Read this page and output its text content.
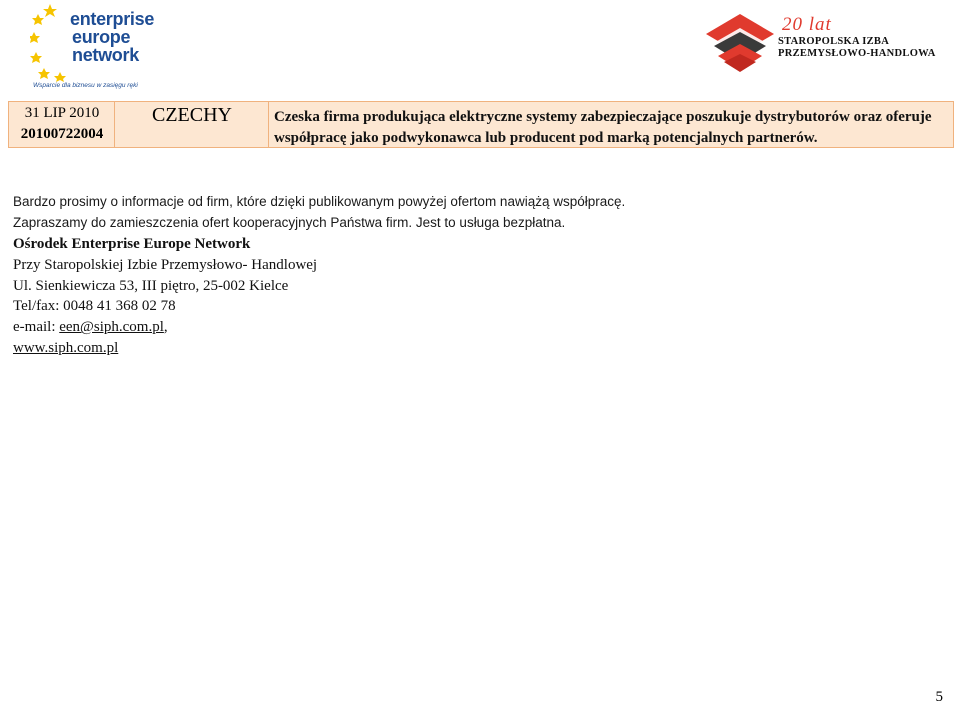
enterprise
europe
network
Wsparcie dla biznesu w zasięgu ręki
20 lat
STAROPOLSKA IZBA
PRZEMYSŁOWO-HANDLOWA
31 LIP 2010
20100722004
CZECHY	Czeska firma produkująca elektryczne systemy zabezpieczające poszukuje dystrybutorów oraz oferuje współpracę jako podwykonawca lub producent pod marką potencjalnych partnerów.
Bardzo prosimy o informacje od firm, które dzięki publikowanym powyżej ofertom nawiążą współpracę.
Zapraszamy do zamieszczenia ofert kooperacyjnych Państwa firm. Jest to usługa bezpłatna.
Ośrodek Enterprise Europe Network
Przy Staropolskiej Izbie Przemysłowo- Handlowej
Ul. Sienkiewicza 53, III piętro, 25-002 Kielce
Tel/fax: 0048 41 368 02 78
e-mail: een@siph.com.pl,
www.siph.com.pl
5
